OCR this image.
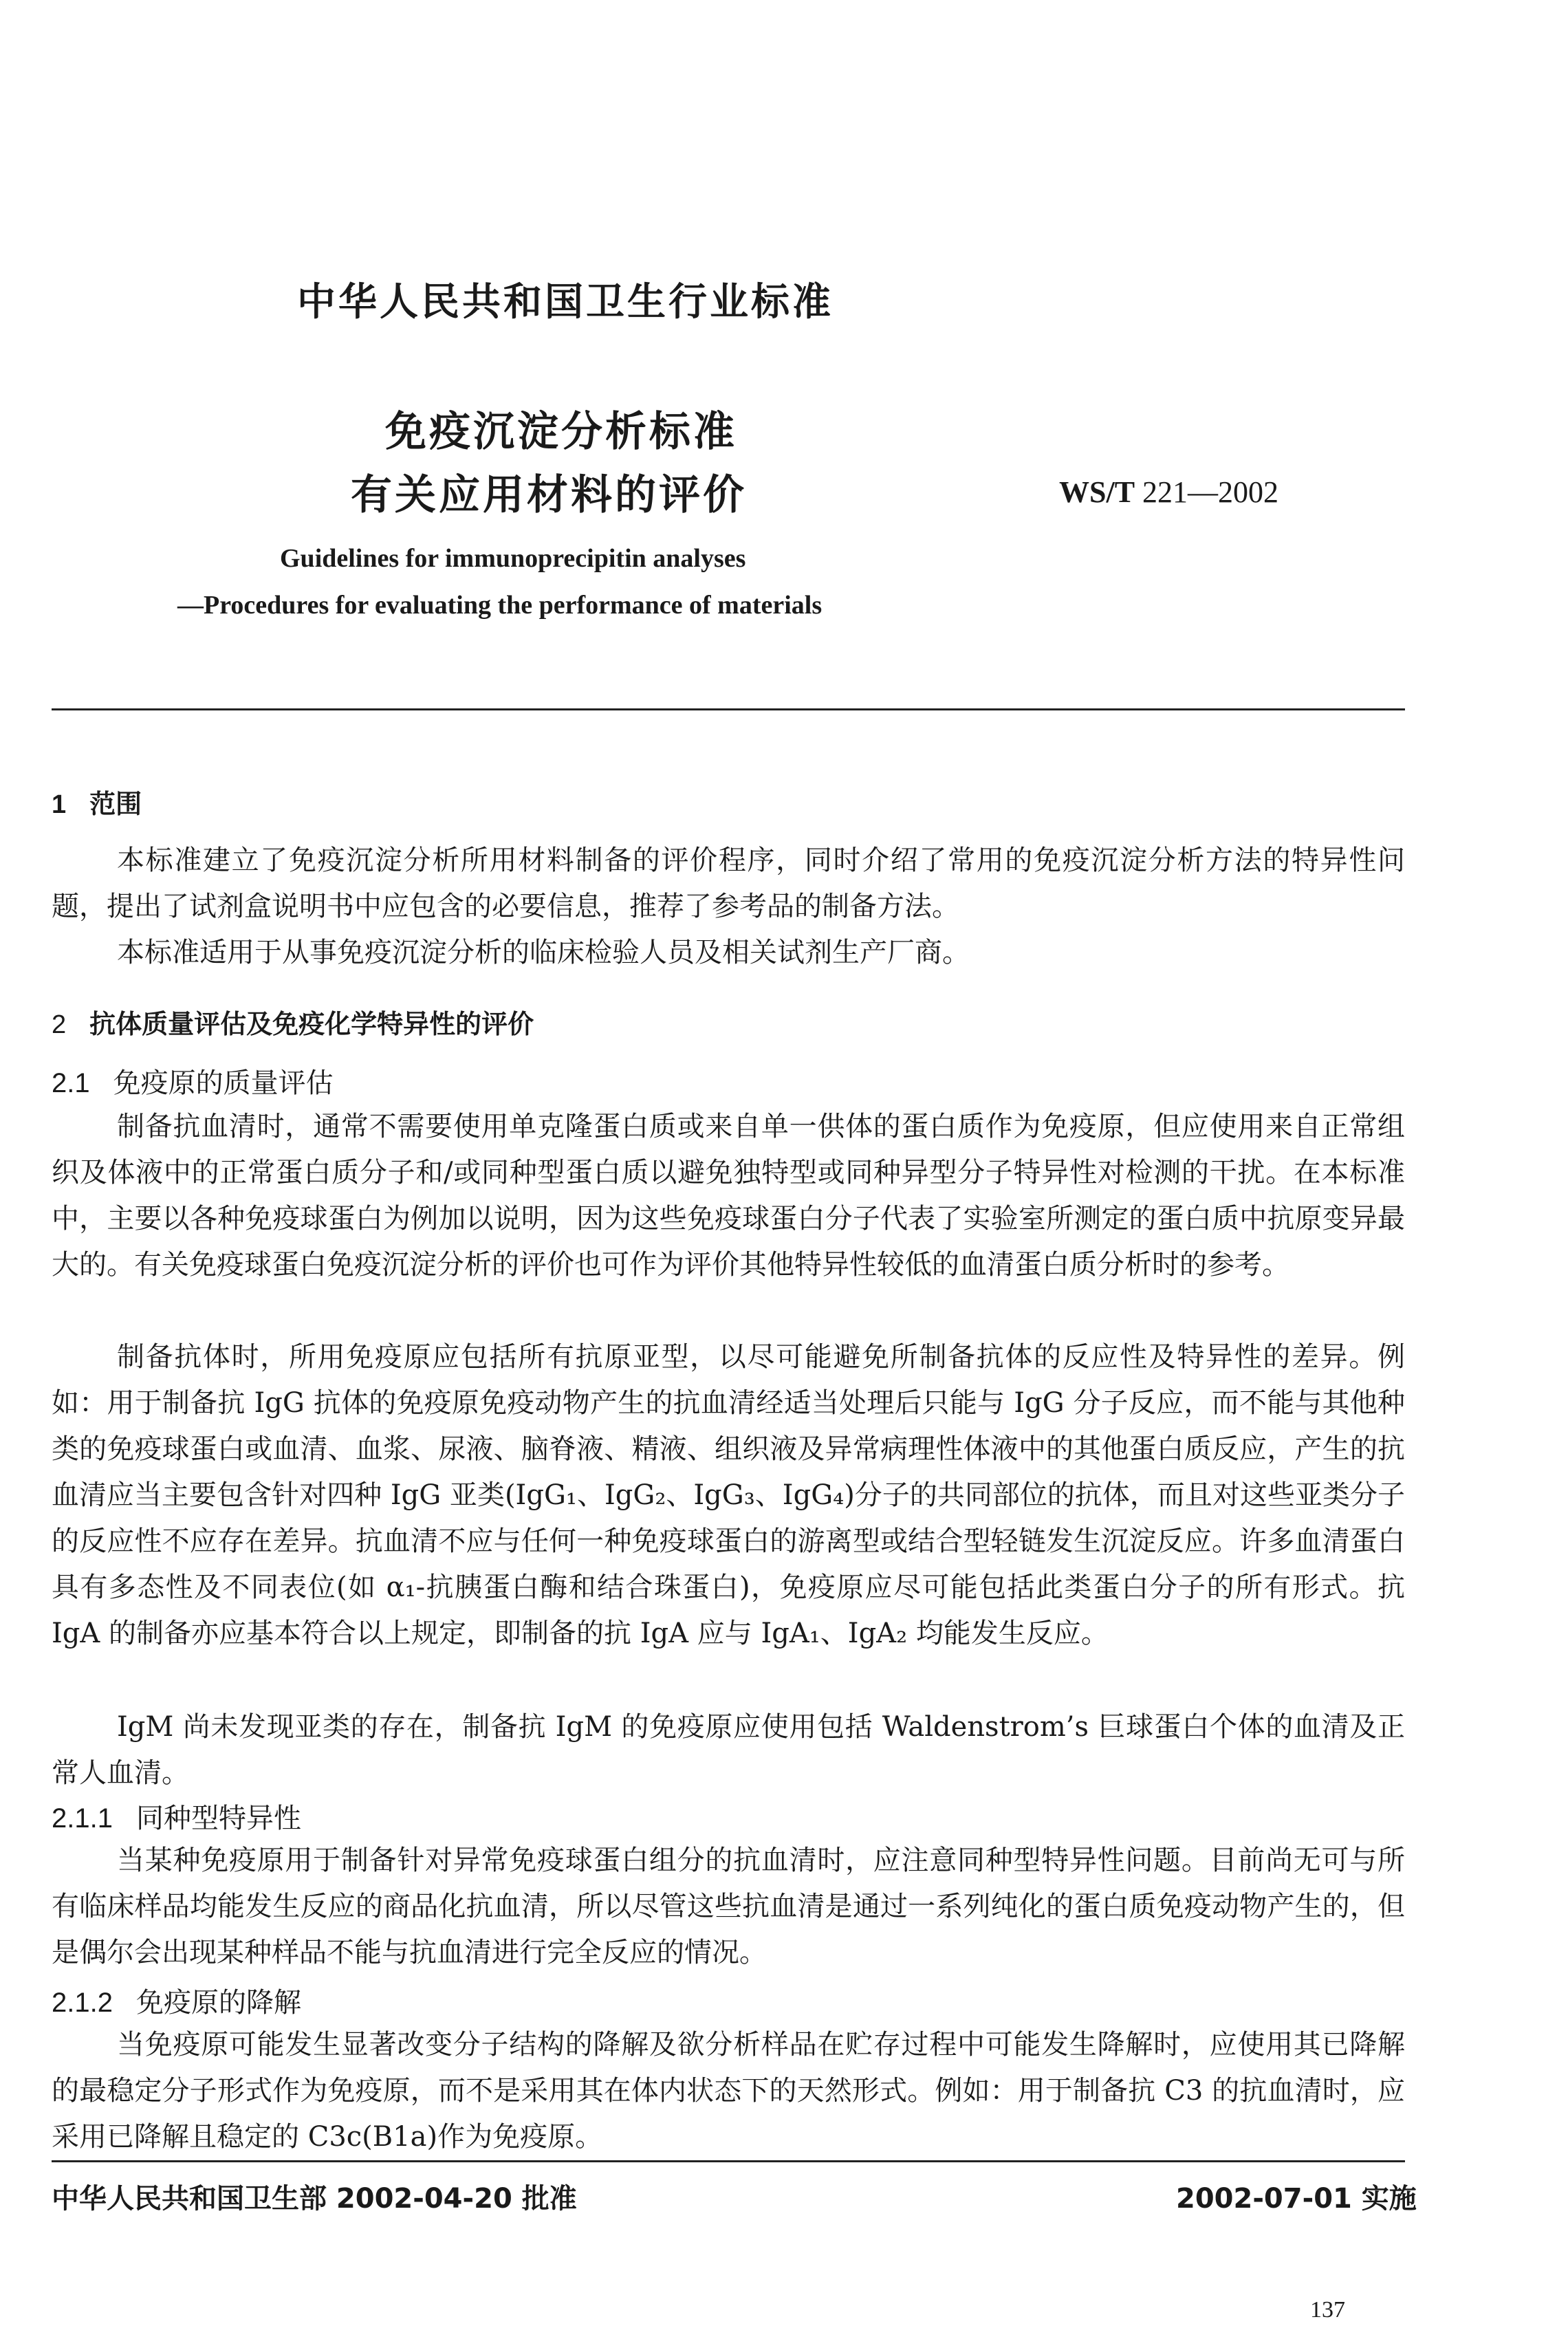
中华人民共和国卫生行业标准
免疫沉淀分析标准
有关应用材料的评价	WS/T 221—2002
Guidelines for immunoprecipitin analyses
—Procedures for evaluating the performance of materials
1 范围
本标准建立了免疫沉淀分析所用材料制备的评价程序，同时介绍了常用的免疫沉淀分析方法的特异性问题，提出了试剂盒说明书中应包含的必要信息，推荐了参考品的制备方法。
本标准适用于从事免疫沉淀分析的临床检验人员及相关试剂生产厂商。
2 抗体质量评估及免疫化学特异性的评价
2.1 免疫原的质量评估
制备抗血清时，通常不需要使用单克隆蛋白质或来自单一供体的蛋白质作为免疫原，但应使用来自正常组织及体液中的正常蛋白质分子和/或同种型蛋白质以避免独特型或同种异型分子特异性对检测的干扰。在本标准中，主要以各种免疫球蛋白为例加以说明，因为这些免疫球蛋白分子代表了实验室所测定的蛋白质中抗原变异最大的。有关免疫球蛋白免疫沉淀分析的评价也可作为评价其他特异性较低的血清蛋白质分析时的参考。
制备抗体时，所用免疫原应包括所有抗原亚型，以尽可能避免所制备抗体的反应性及特异性的差异。例如：用于制备抗 IgG 抗体的免疫原免疫动物产生的抗血清经适当处理后只能与 IgG 分子反应，而不能与其他种类的免疫球蛋白或血清、血浆、尿液、脑脊液、精液、组织液及异常病理性体液中的其他蛋白质反应，产生的抗血清应当主要包含针对四种 IgG 亚类(IgG₁、IgG₂、IgG₃、IgG₄)分子的共同部位的抗体，而且对这些亚类分子的反应性不应存在差异。抗血清不应与任何一种免疫球蛋白的游离型或结合型轻链发生沉淀反应。许多血清蛋白具有多态性及不同表位(如 α₁-抗胰蛋白酶和结合珠蛋白)，免疫原应尽可能包括此类蛋白分子的所有形式。抗 IgA 的制备亦应基本符合以上规定，即制备的抗 IgA 应与 IgA₁、IgA₂ 均能发生反应。
IgM 尚未发现亚类的存在，制备抗 IgM 的免疫原应使用包括 Waldenstrom’s 巨球蛋白个体的血清及正常人血清。
2.1.1 同种型特异性
当某种免疫原用于制备针对异常免疫球蛋白组分的抗血清时，应注意同种型特异性问题。目前尚无可与所有临床样品均能发生反应的商品化抗血清，所以尽管这些抗血清是通过一系列纯化的蛋白质免疫动物产生的，但是偶尔会出现某种样品不能与抗血清进行完全反应的情况。
2.1.2 免疫原的降解
当免疫原可能发生显著改变分子结构的降解及欲分析样品在贮存过程中可能发生降解时，应使用其已降解的最稳定分子形式作为免疫原，而不是采用其在体内状态下的天然形式。例如：用于制备抗 C3 的抗血清时，应采用已降解且稳定的 C3c(B1a)作为免疫原。
中华人民共和国卫生部 2002-04-20 批准	2002-07-01 实施
137
